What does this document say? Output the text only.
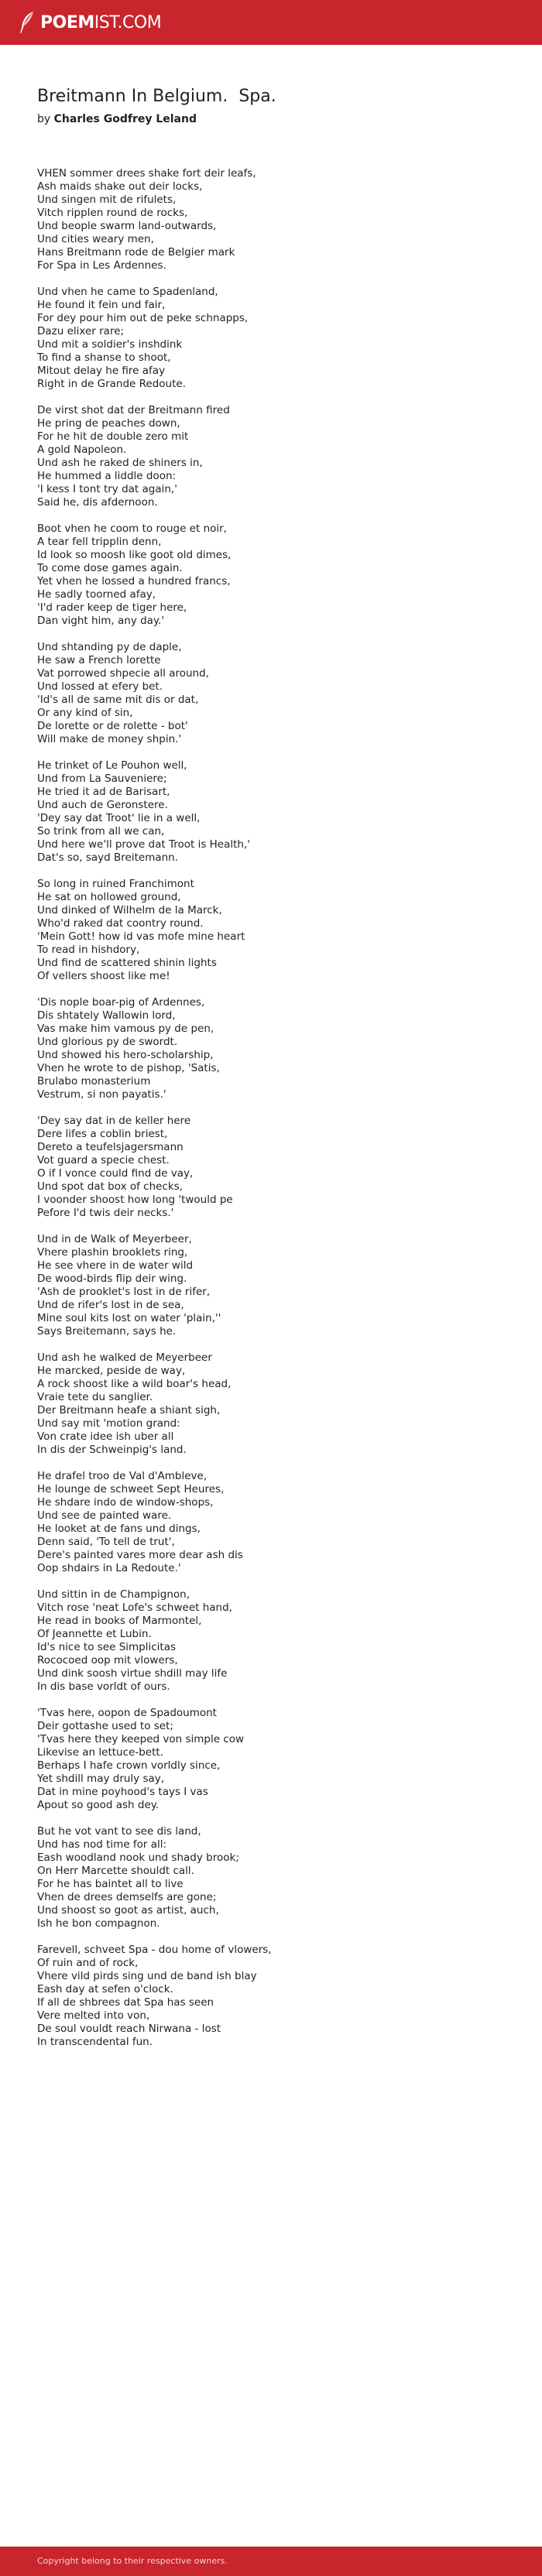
POEMIST.COM
Breitmann In Belgium.  Spa.
by Charles Godfrey Leland
VHEN sommer drees shake fort deir leafs,
Ash maids shake out deir locks,
Und singen mit de rifulets,
Vitch ripplen round de rocks,
Und beople swarm land-outwards,
Und cities weary men,
Hans Breitmann rode de Belgier mark
For Spa in Les Ardennes.
Und vhen he came to Spadenland,
He found it fein und fair,
For dey pour him out de peke schnapps,
Dazu elixer rare;
Und mit a soldier's inshdink
To find a shanse to shoot,
Mitout delay he fire afay
Right in de Grande Redoute.
De virst shot dat der Breitmann fired
He pring de peaches down,
For he hit de double zero mit
A gold Napoleon.
Und ash he raked de shiners in,
He hummed a liddle doon:
'I kess I tont try dat again,'
Said he, dis afdernoon.
Boot vhen he coom to rouge et noir,
A tear fell tripplin denn,
Id look so moosh like goot old dimes,
To come dose games again.
Yet vhen he lossed a hundred francs,
He sadly toorned afay,
'I'd rader keep de tiger here,
Dan vight him, any day.'
Und shtanding py de daple,
He saw a French lorette
Vat porrowed shpecie all around,
Und lossed at efery bet.
'Id's all de same mit dis or dat,
Or any kind of sin,
De lorette or de rolette - bot'
Will make de money shpin.'
He trinket of Le Pouhon well,
Und from La Sauveniere;
He tried it ad de Barisart,
Und auch de Geronstere.
'Dey say dat Troot' lie in a well,
So trink from all we can,
Und here we'll prove dat Troot is Health,'
Dat's so, sayd Breitemann.
So long in ruined Franchimont
He sat on hollowed ground,
Und dinked of Wilhelm de la Marck,
Who'd raked dat coontry round.
'Mein Gott! how id vas mofe mine heart
To read in hishdory,
Und find de scattered shinin lights
Of vellers shoost like me!
'Dis nople boar-pig of Ardennes,
Dis shtately Wallowin lord,
Vas make him vamous py de pen,
Und glorious py de swordt.
Und showed his hero-scholarship,
Vhen he wrote to de pishop, 'Satis,
Brulabo monasterium
Vestrum, si non payatis.'
'Dey say dat in de keller here
Dere lifes a coblin briest,
Dereto a teufelsjagersmann
Vot guard a specie chest.
O if I vonce could find de vay,
Und spot dat box of checks,
I voonder shoost how long 'twould pe
Pefore I'd twis deir necks.'
Und in de Walk of Meyerbeer,
Vhere plashin brooklets ring,
He see vhere in de water wild
De wood-birds flip deir wing.
'Ash de prooklet's lost in de rifer,
Und de rifer's lost in de sea,
Mine soul kits lost on water 'plain,''
Says Breitemann, says he.
Und ash he walked de Meyerbeer
He marcked, peside de way,
A rock shoost like a wild boar's head,
Vraie tete du sanglier.
Der Breitmann heafe a shiant sigh,
Und say mit 'motion grand:
Von crate idee ish uber all
In dis der Schweinpig's land.
He drafel troo de Val d'Ambleve,
He lounge de schweet Sept Heures,
He shdare indo de window-shops,
Und see de painted ware.
He looket at de fans und dings,
Denn said, 'To tell de trut',
Dere's painted vares more dear ash dis
Oop shdairs in La Redoute.'
Und sittin in de Champignon,
Vitch rose 'neat Lofe's schweet hand,
He read in books of Marmontel,
Of Jeannette et Lubin.
Id's nice to see Simplicitas
Rococoed oop mit vlowers,
Und dink soosh virtue shdill may life
In dis base vorldt of ours.
'Tvas here, oopon de Spadoumont
Deir gottashe used to set;
'Tvas here they keeped von simple cow
Likevise an lettuce-bett.
Berhaps I hafe crown vorldly since,
Yet shdill may druly say,
Dat in mine poyhood's tays I vas
Apout so good ash dey.
But he vot vant to see dis land,
Und has nod time for all:
Eash woodland nook und shady brook;
On Herr Marcette shouldt call.
For he has baintet all to live
Vhen de drees demselfs are gone;
Und shoost so goot as artist, auch,
Ish he bon compagnon.
Farevell, schveet Spa - dou home of vlowers,
Of ruin and of rock,
Vhere vild pirds sing und de band ish blay
Eash day at sefen o'clock.
If all de shbrees dat Spa has seen
Vere melted into von,
De soul vouldt reach Nirwana - lost
In transcendental fun.
Copyright belong to their respective owners.
